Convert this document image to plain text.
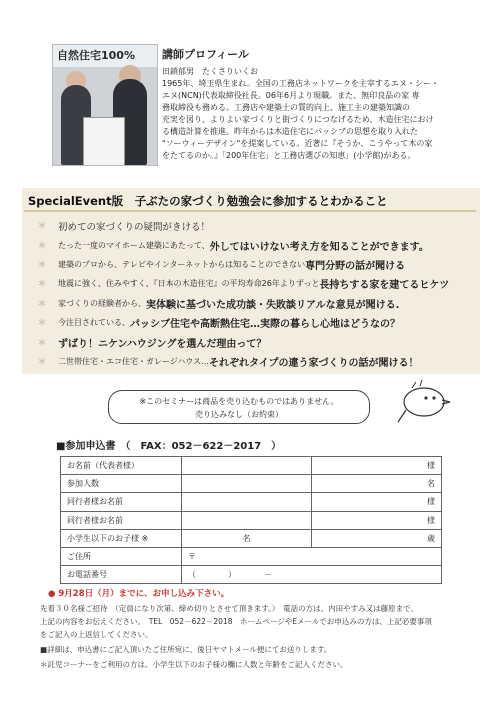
自然住宅100%	講師プロフィール
田鎖郁男　たくさりいくお
1965年、埼玉県生まれ。全国の工務店ネットワークを主宰するエヌ・シー・
エヌ(NCN)代表取締役社長。06年6月より現職。また、無印良品の家 専
務取締役も務める。工務店や建築士の質的向上、施工主の建築知識の
充実を図り、よりよい家づくりと街づくりにつなげるため、木造住宅におけ
る構造計算を推進。昨年からは木造住宅にパッシブの思想を取り入れた
"ソーウィーデザイン"を提案している。近著に『そうか、こうやって木の家
をたてるのか。』「200年住宅」と工務店選びの知恵」(小学館)がある。
SpecialEvent版　子ぶたの家づくり勉強会に参加するとわかること
＊	初めての家づくりの疑問がきける！
＊	たった一度のマイホーム建築にあたって、 外してはいけない考え方を知ることができます。
＊	建築のプロから、テレビやインターネットからは知ることのできない 専門分野の話が聞ける
＊	地震に強く、住みやすく、『日本の木造住宅』の平均寿命26年よりずっと 長持ちする家を建てるヒケツ
＊	家づくりの経験者から、 実体験に基づいた成功談・失敗談リアルな意見が聞ける.
＊	今注目されている、 パッシブ住宅や高断熱住宅…実際の暮らし心地はどうなの？
＊	ずばり！ニケンハウジングを選んだ理由って？
＊	二世帯住宅・エコ住宅・ガレージハウス… それぞれタイプの違う家づくりの話が聞ける！
※このセミナーは商品を売り込むものではありません。
売り込みなし（お約束）
■参加申込書　（　FAX：052－622－2017　）
お名前（代表者様）		様
参加人数		名
同行者様お名前		様
同行者様お名前		様
小学生以下のお子様 ※	名	歳
ご住所	〒	
お電話番号	（　　　　）　　　　－	
● 9月28日（月）までに、お申し込み下さい。
先着３０名様ご招待　（定員になり次第、締め切りとさせて頂きます。）　電話の方は、内田やすみ又は藤原まで、
上記の内容をお伝えください。　TEL　052－622－2018　ホームページやEメールでお申込みの方は、上記必要事項
をご記入の上返信してください。
■詳細は、申込書にご記入頂いたご住所宛に、後日ヤマトメール便にてお送りします。
＊託児コーナーをご利用の方は、小学生以下のお子様の欄に人数と年齢をご記入ください。
